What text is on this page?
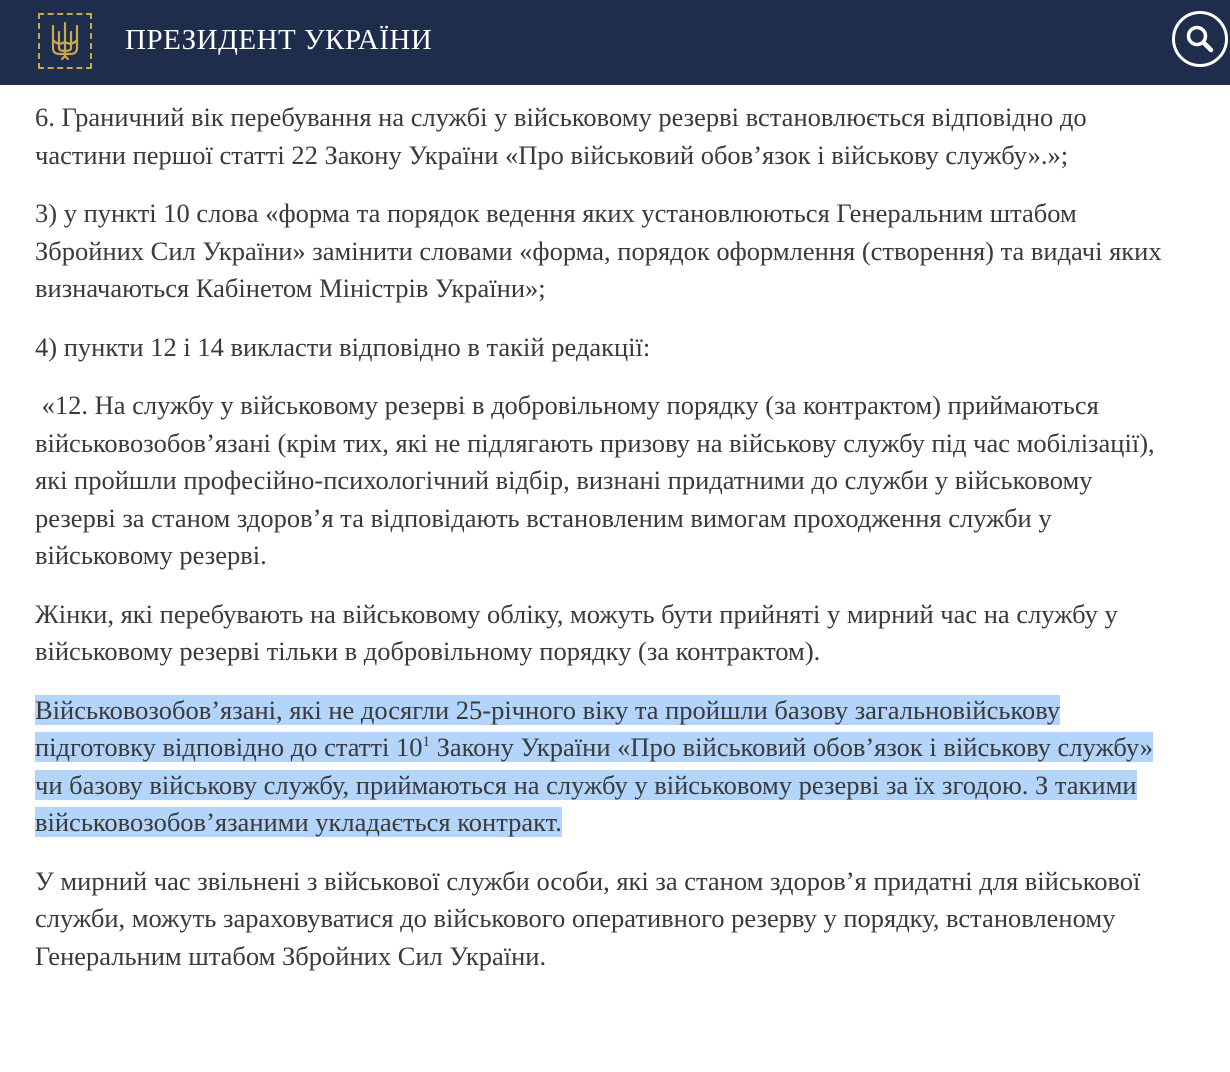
ПРЕЗИДЕНТ УКРАЇНИ

6. Граничний вік перебування на службі у військовому резерві встановлюється відповідно до частини першої статті 22 Закону України «Про військовий обов’язок і військову службу».»;

3) у пункті 10 слова «форма та порядок ведення яких установлюються Генеральним штабом Збройних Сил України» замінити словами «форма, порядок оформлення (створення) та видачі яких визначаються Кабінетом Міністрів України»;

4) пункти 12 і 14 викласти відповідно в такій редакції:

«12. На службу у військовому резерві в добровільному порядку (за контрактом) приймаються військовозобов’язані (крім тих, які не підлягають призову на військову службу під час мобілізації), які пройшли професійно-психологічний відбір, визнані придатними до служби у військовому резерві за станом здоров’я та відповідають встановленим вимогам проходження служби у військовому резерві.

Жінки, які перебувають на військовому обліку, можуть бути прийняті у мирний час на службу у військовому резерві тільки в добровільному порядку (за контрактом).

Військовозобов’язані, які не досягли 25-річного віку та пройшли базову загальновійськову підготовку відповідно до статті $10^1$ Закону України «Про військовий обов’язок і військову службу» чи базову військову службу, приймаються на службу у військовому резерві за їх згодою. З такими військовозобов’язаними укладається контракт.

У мирний час звільнені з військової служби особи, які за станом здоров’я придатні для військової служби, можуть зараховуватися до військового оперативного резерву у порядку, встановленому Генеральним штабом Збройних Сил України.
